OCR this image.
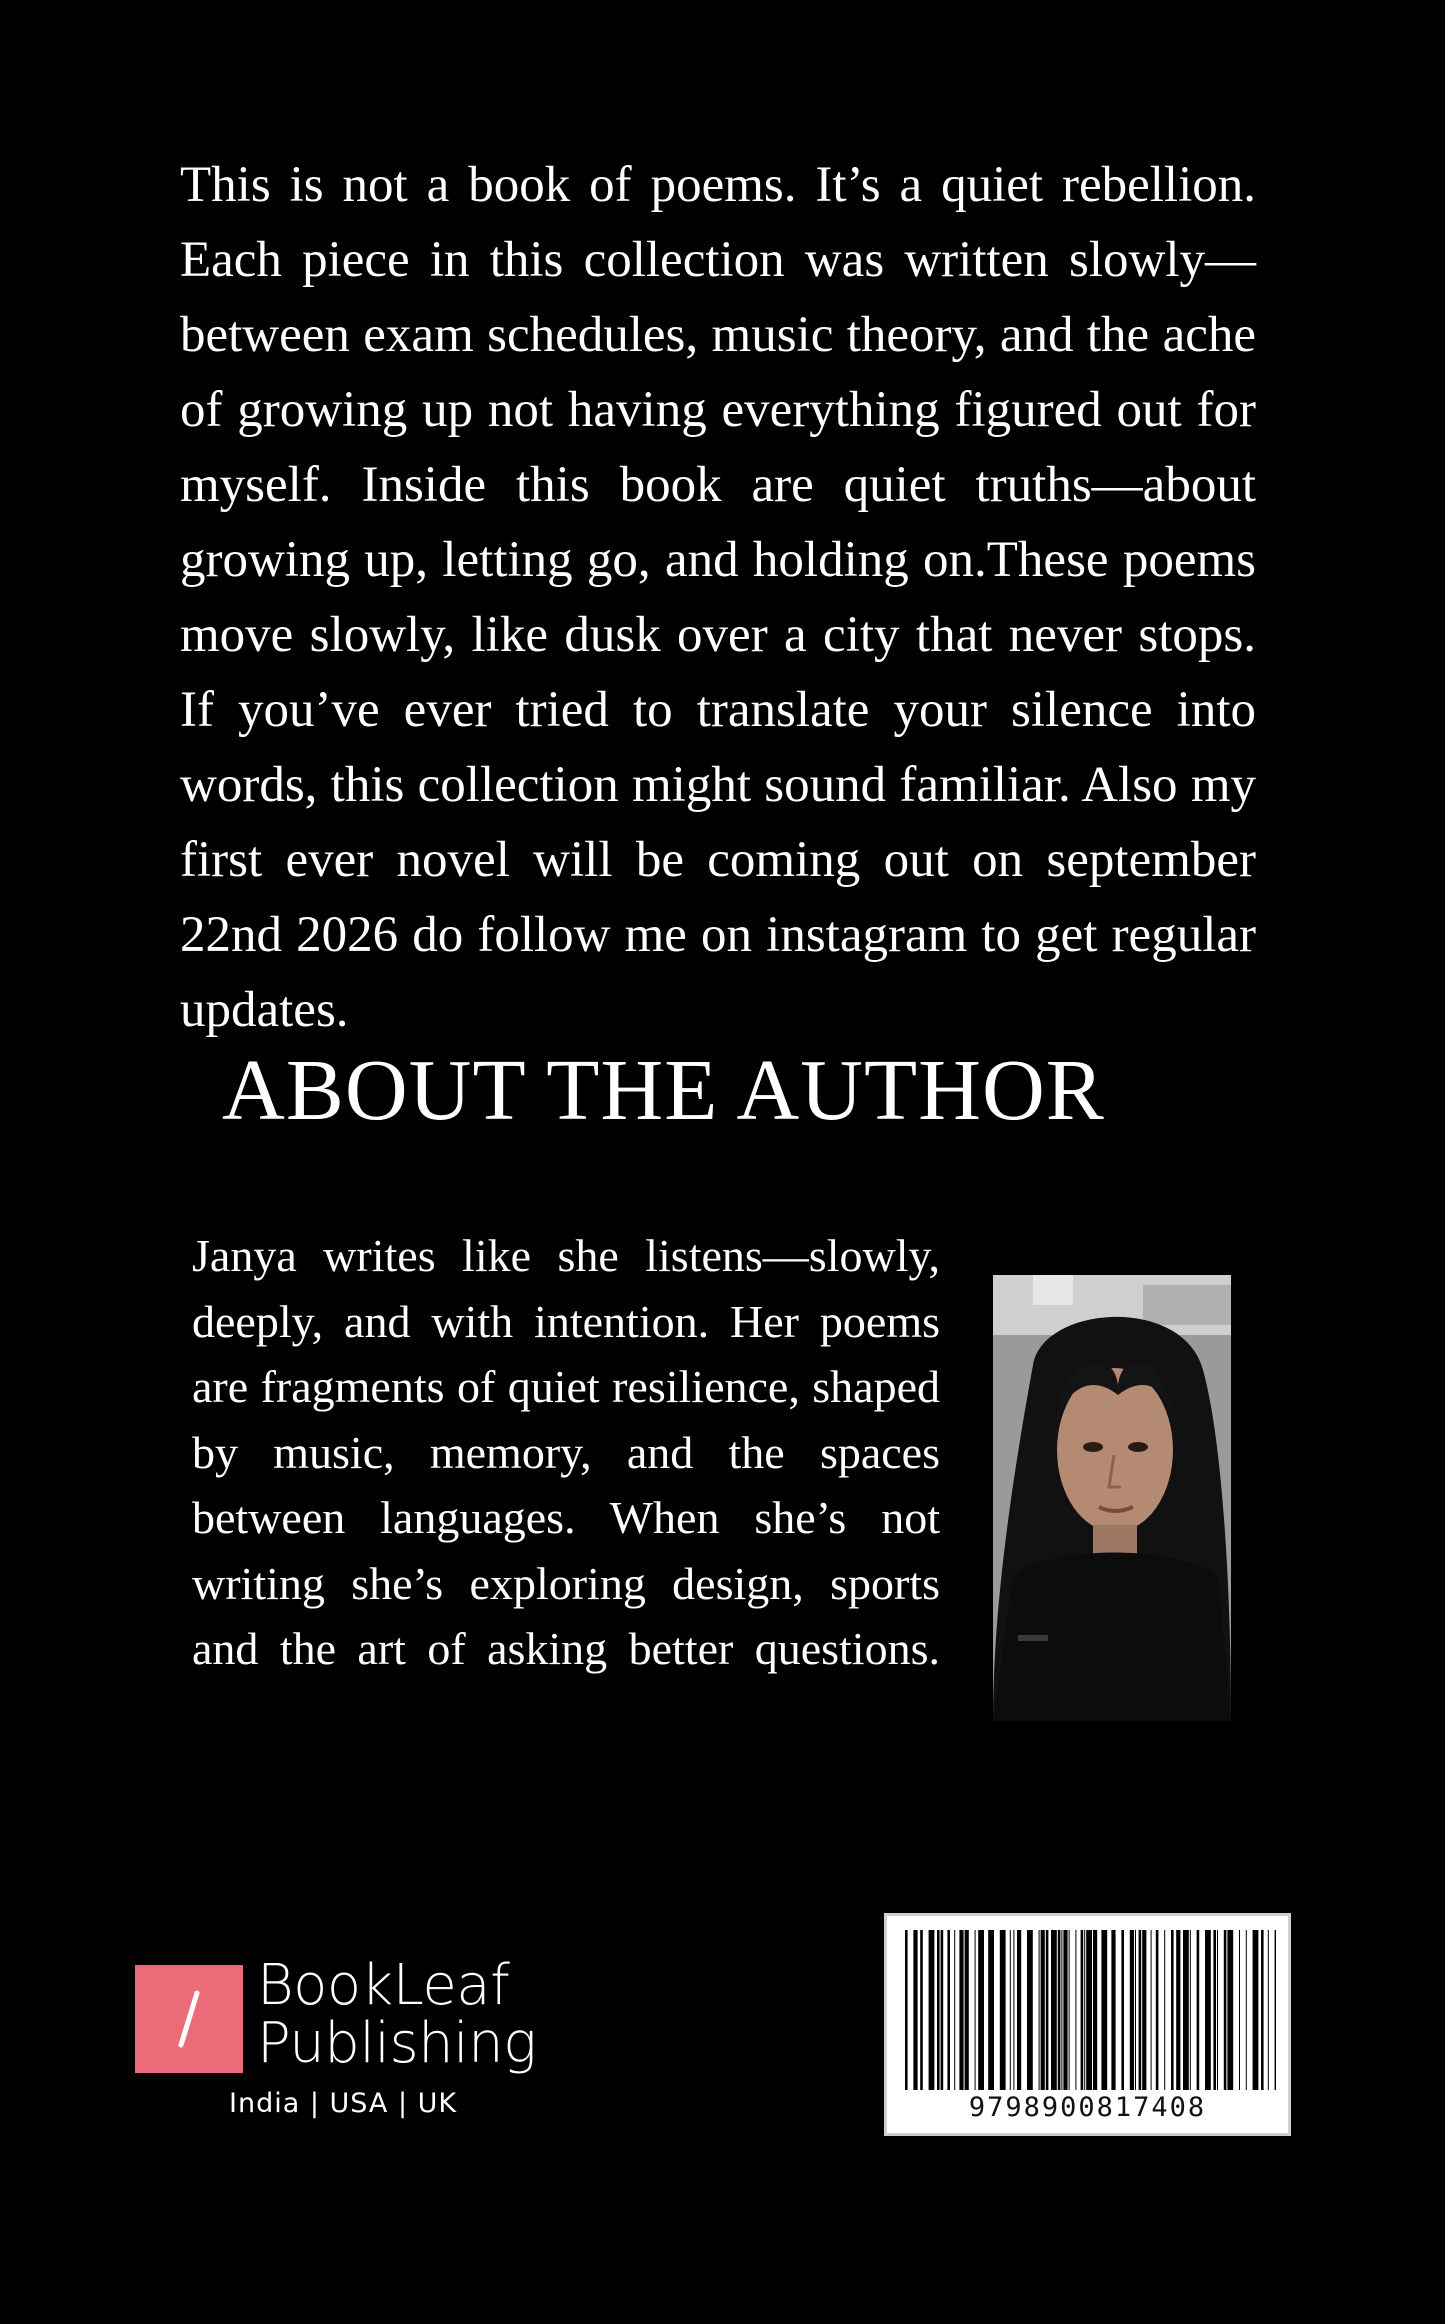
This is not a book of poems. It’s a quiet rebellion. Each piece in this collection was written slowly—between exam schedules, music theory, and the ache of growing up not having everything figured out for myself. Inside this book are quiet truths—about growing up, letting go, and holding on.These poems move slowly, like dusk over a city that never stops. If you’ve ever tried to translate your silence into words, this collection might sound familiar. Also my first ever novel will be coming out on september 22nd 2026 do follow me on instagram to get regular updates.

ABOUT THE AUTHOR

Janya writes like she listens—slowly, deeply, and with intention. Her poems are fragments of quiet resilience, shaped by music, memory, and the spaces between languages. When she’s not writing she’s exploring design, sports and the art of asking better questions.

BookLeaf
Publishing
India | USA | UK	9798900817408
